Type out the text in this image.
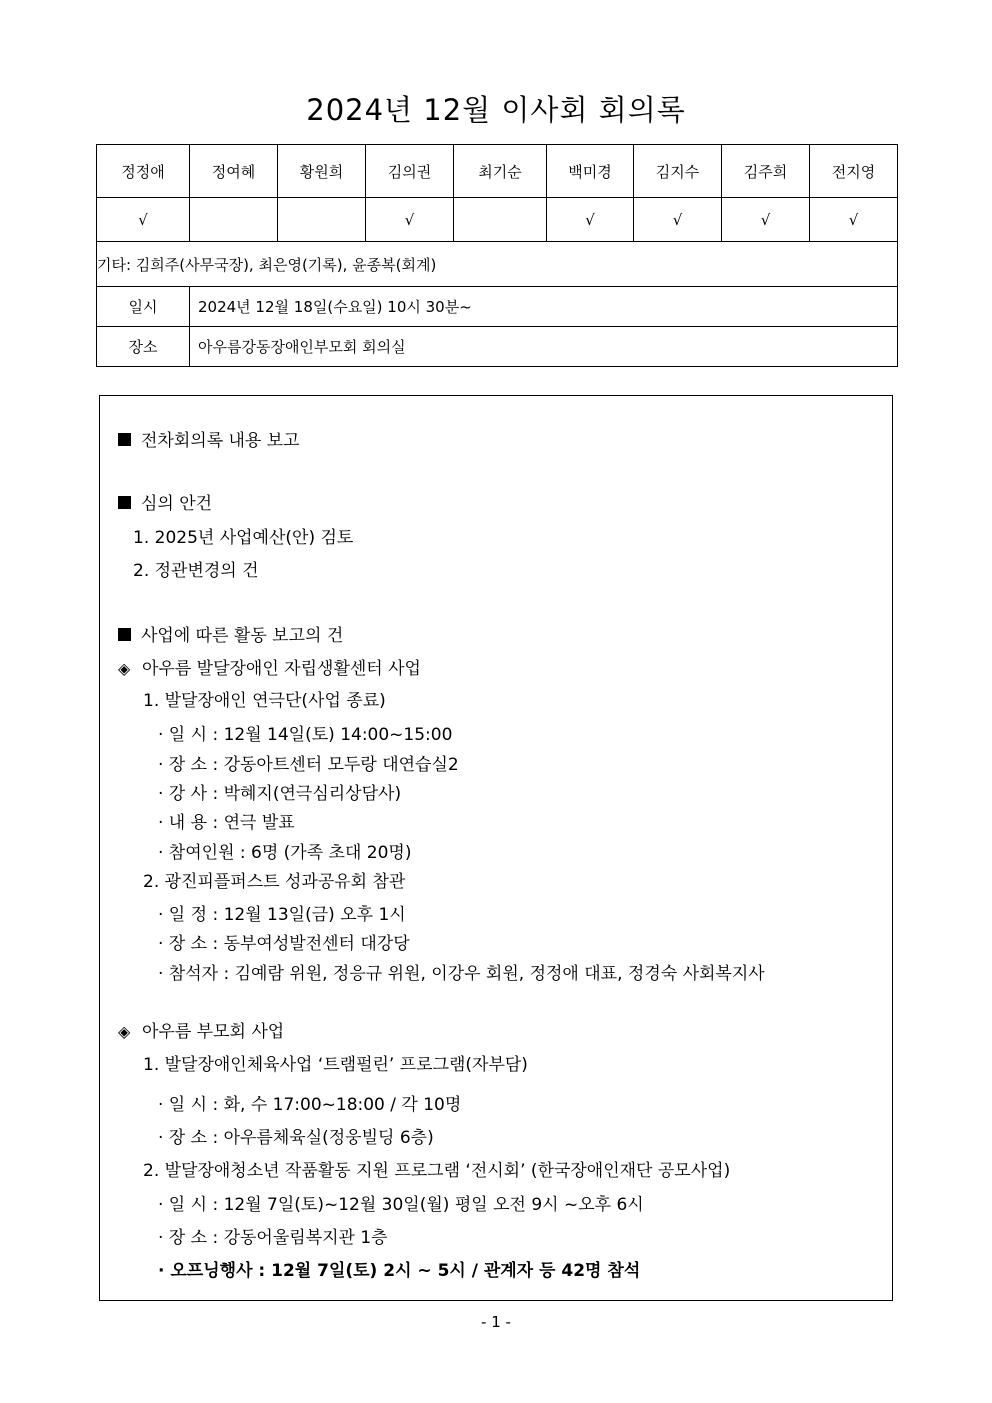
2024년 12월 이사회 회의록
정정애	정여혜	황원희	김의권	최기순	백미경	김지수	김주희	전지영
√			√		√	√	√	√
기타: 김희주(사무국장), 최은영(기록), 윤종복(회계)								
일시	2024년 12월 18일(수요일) 10시 30분~							
장소	아우름강동장애인부모회 회의실							
전차회의록 내용 보고
심의 안건
1. 2025년 사업예산(안) 검토
2. 정관변경의 건
사업에 따른 활동 보고의 건
◈ 아우름 발달장애인 자립생활센터 사업
1. 발달장애인 연극단(사업 종료)
· 일 시 : 12월 14일(토) 14:00~15:00
· 장 소 : 강동아트센터 모두랑 대연습실2
· 강 사 : 박혜지(연극심리상담사)
· 내 용 : 연극 발표
· 참여인원 : 6명 (가족 초대 20명)
2. 광진피플퍼스트 성과공유회 참관
· 일 정 : 12월 13일(금) 오후 1시
· 장 소 : 동부여성발전센터 대강당
· 참석자 : 김예람 위원, 정응규 위원, 이강우 회원, 정정애 대표, 정경숙 사회복지사
◈ 아우름 부모회 사업
1. 발달장애인체육사업 ‘트램펄린’ 프로그램(자부담)
· 일 시 : 화, 수 17:00~18:00 / 각 10명
· 장 소 : 아우름체육실(정웅빌딩 6층)
2. 발달장애청소년 작품활동 지원 프로그램 ‘전시회’ (한국장애인재단 공모사업)
· 일 시 : 12월 7일(토)~12월 30일(월) 평일 오전 9시 ~오후 6시
· 장 소 : 강동어울림복지관 1층
· 오프닝행사 : 12월 7일(토) 2시 ~ 5시 / 관계자 등 42명 참석
- 1 -
